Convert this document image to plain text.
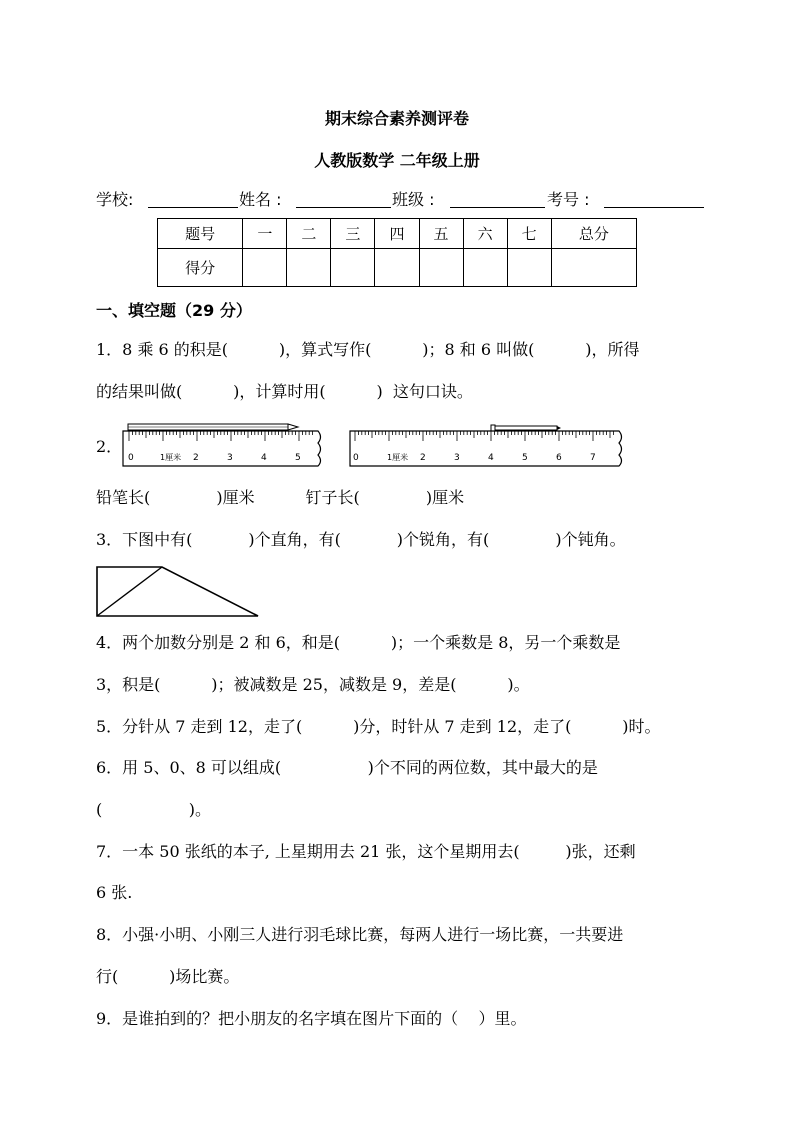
期末综合素养测评卷
人教版数学 二年级上册
学校:	姓名 :	班级 :	考号 :
题号	一	二	三	四	五	六	七	总分
得分								
一、填空题（29 分）
1．8 乘 6 的积是(          )，算式写作(          )；8 和 6 叫做(          )，所得
的结果叫做(          )，计算时用(          )  这句口诀。
2．
0	1厘米 2	3	4	5	0	1厘米 2	3	4	5	6	7
铅笔长(             )厘米          钉子长(             )厘米
3．下图中有(           )个直角，有(           )个锐角，有(             )个钝角。
4．两个加数分别是 2 和 6，和是(          )；一个乘数是 8，另一个乘数是
3，积是(          )；被减数是 25，减数是 9，差是(          )。
5．分针从 7 走到 12，走了(          )分，时针从 7 走到 12，走了(          )时。
6．用 5、0、8 可以组成(                 )个不同的两位数，其中最大的是
(                 )。
7．一本 50 张纸的本子, 上星期用去 21 张，这个星期用去(         )张，还剩
6 张.
8．小强·小明、小刚三人进行羽毛球比赛，每两人进行一场比赛，一共要进
行(          )场比赛。
9．是谁拍到的？把小朋友的名字填在图片下面的（    ）里。
